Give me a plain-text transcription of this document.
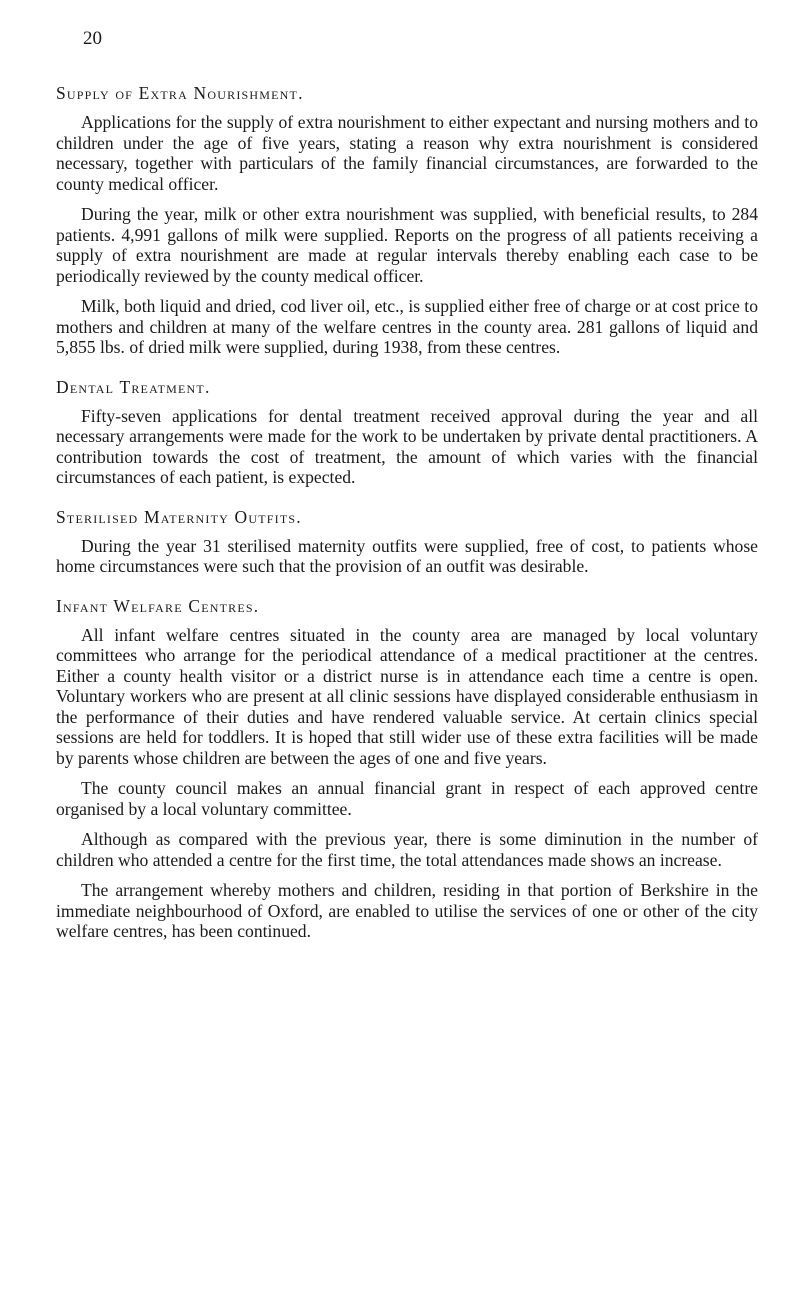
20
Supply of Extra Nourishment.

Applications for the supply of extra nourishment to either expectant and nursing mothers and to children under the age of five years, stating a reason why extra nourishment is considered necessary, together with particulars of the family financial circumstances, are forwarded to the county medical officer.

During the year, milk or other extra nourishment was supplied, with beneficial results, to 284 patients. 4,991 gallons of milk were supplied. Reports on the progress of all patients receiving a supply of extra nourishment are made at regular intervals thereby enabling each case to be periodically reviewed by the county medical officer.

Milk, both liquid and dried, cod liver oil, etc., is supplied either free of charge or at cost price to mothers and children at many of the welfare centres in the county area. 281 gallons of liquid and 5,855 lbs. of dried milk were supplied, during 1938, from these centres.

Dental Treatment.

Fifty-seven applications for dental treatment received approval during the year and all necessary arrangements were made for the work to be undertaken by private dental practitioners. A contribution towards the cost of treatment, the amount of which varies with the financial circumstances of each patient, is expected.

Sterilised Maternity Outfits.

During the year 31 sterilised maternity outfits were supplied, free of cost, to patients whose home circumstances were such that the provision of an outfit was desirable.

Infant Welfare Centres.

All infant welfare centres situated in the county area are managed by local voluntary committees who arrange for the periodical attendance of a medical practitioner at the centres. Either a county health visitor or a district nurse is in attendance each time a centre is open. Voluntary workers who are present at all clinic sessions have displayed considerable enthusiasm in the performance of their duties and have rendered valuable service. At certain clinics special sessions are held for toddlers. It is hoped that still wider use of these extra facilities will be made by parents whose children are between the ages of one and five years.

The county council makes an annual financial grant in respect of each approved centre organised by a local voluntary committee.

Although as compared with the previous year, there is some diminution in the number of children who attended a centre for the first time, the total attendances made shows an increase.

The arrangement whereby mothers and children, residing in that portion of Berkshire in the immediate neighbourhood of Oxford, are enabled to utilise the services of one or other of the city welfare centres, has been continued.
